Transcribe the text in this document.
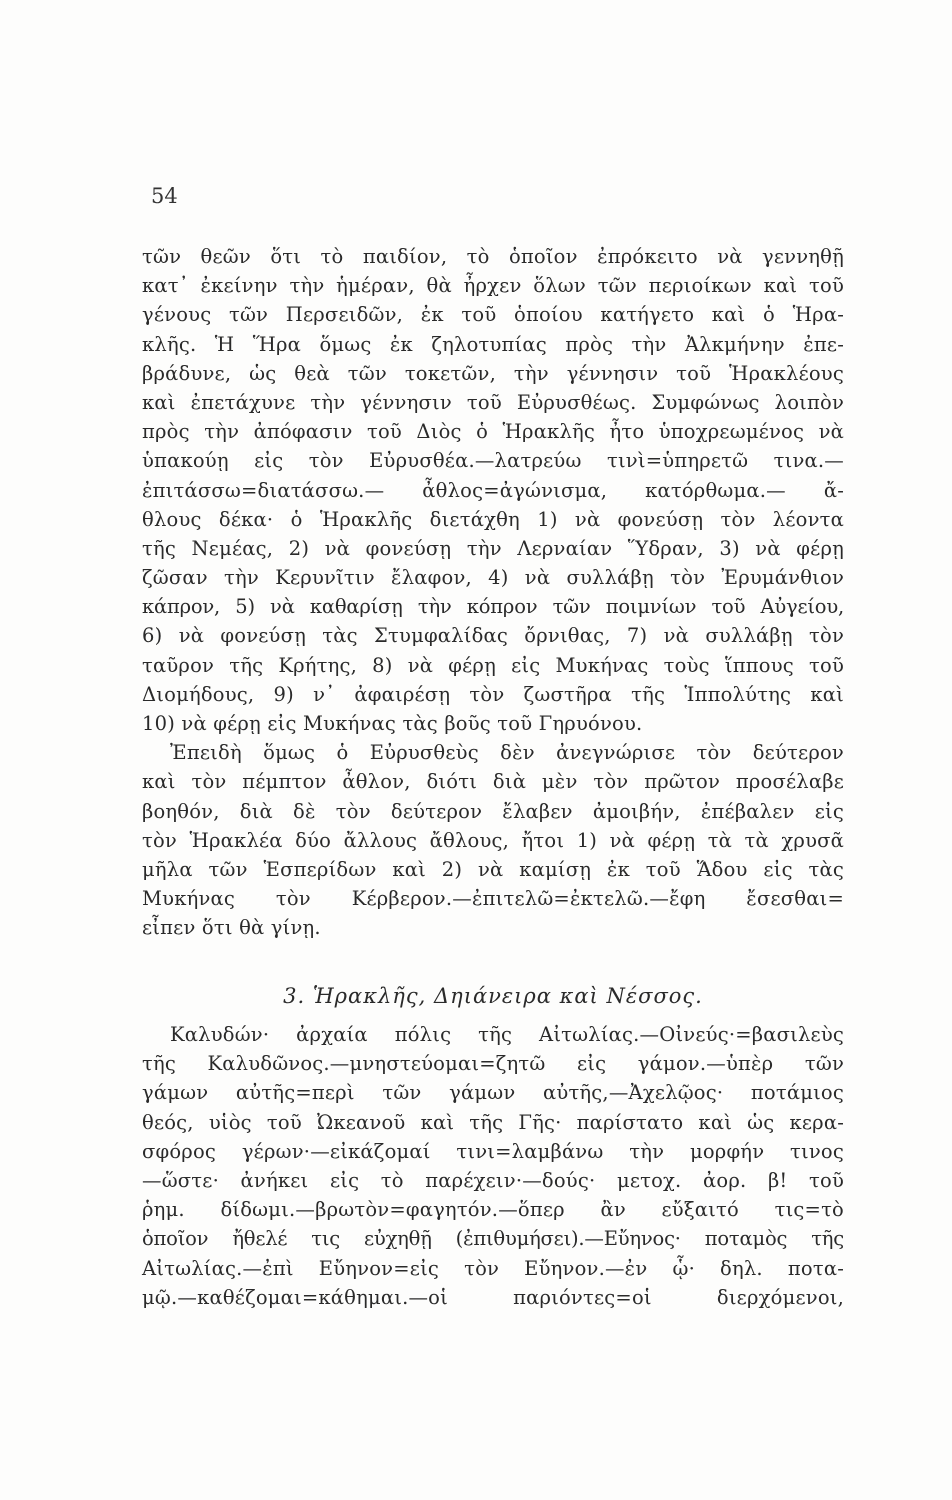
54
τῶν θεῶν ὅτι τὸ παιδίον, τὸ ὁποῖον ἐπρόκειτο νὰ γεννηθῇ
κατ᾽ ἐκείνην τὴν ἡμέραν, θὰ ἦρχεν ὅλων τῶν περιοίκων καὶ τοῦ
γένους τῶν Περσειδῶν, ἐκ τοῦ ὁποίου κατήγετο καὶ ὁ Ἡρα-
κλῆς. Ἡ Ἥρα ὅμως ἐκ ζηλοτυπίας πρὸς τὴν Ἀλκμήνην ἐπε-
βράδυνε, ὡς θεὰ τῶν τοκετῶν, τὴν γέννησιν τοῦ Ἡρακλέους
καὶ ἐπετάχυνε τὴν γέννησιν τοῦ Εὐρυσθέως. Συμφώνως λοιπὸν
πρὸς τὴν ἀπόφασιν τοῦ Διὸς ὁ Ἡρακλῆς ἦτο ὑποχρεωμένος νὰ
ὑπακούῃ εἰς τὸν Εὐρυσθέα.—λατρεύω τινὶ=ὑπηρετῶ τινα.—
ἐπιτάσσω=διατάσσω.— ἆθλος=ἀγώνισμα, κατόρθωμα.— ἄ-
θλους δέκα· ὁ Ἡρακλῆς διετάχθη 1) νὰ φονεύσῃ τὸν λέοντα
τῆς Νεμέας, 2) νὰ φονεύσῃ τὴν Λερναίαν Ὕδραν, 3) νὰ φέρῃ
ζῶσαν τὴν Κερυνῖτιν ἔλαφον, 4) νὰ συλλάβῃ τὸν Ἐρυμάνθιον
κάπρον, 5) νὰ καθαρίσῃ τὴν κόπρον τῶν ποιμνίων τοῦ Αὐγείου,
6) νὰ φονεύσῃ τὰς Στυμφαλίδας ὄρνιθας, 7) νὰ συλλάβῃ τὸν
ταῦρον τῆς Κρήτης, 8) νὰ φέρῃ εἰς Μυκήνας τοὺς ἵππους τοῦ
Διομήδους, 9) ν᾽ ἀφαιρέσῃ τὸν ζωστῆρα τῆς Ἱππολύτης καὶ
10) νὰ φέρῃ εἰς Μυκήνας τὰς βοῦς τοῦ Γηρυόνου.
Ἐπειδὴ ὅμως ὁ Εὐρυσθεὺς δὲν ἀνεγνώρισε τὸν δεύτερον
καὶ τὸν πέμπτον ἆθλον, διότι διὰ μὲν τὸν πρῶτον προσέλαβε
βοηθόν, διὰ δὲ τὸν δεύτερον ἔλαβεν ἀμοιβήν, ἐπέβαλεν εἰς
τὸν Ἡρακλέα δύο ἄλλους ἄθλους, ἤτοι 1) νὰ φέρῃ τὰ τὰ χρυσᾶ
μῆλα τῶν Ἑσπερίδων καὶ 2) νὰ καμίσῃ ἐκ τοῦ Ἅδου εἰς τὰς
Μυκήνας τὸν Κέρβερον.—ἐπιτελῶ=ἐκτελῶ.—ἔφη ἔσεσθαι=
εἶπεν ὅτι θὰ γίνῃ.
3. Ἡρακλῆς, Δηιάνειρα καὶ Νέσσος.
Καλυδών· ἀρχαία πόλις τῆς Αἰτωλίας.—Οἰνεύς·=βασιλεὺς
τῆς Καλυδῶνος.—μνηστεύομαι=ζητῶ εἰς γάμον.—ὑπὲρ τῶν
γάμων αὐτῆς=περὶ τῶν γάμων αὐτῆς,—Ἀχελῷος· ποτάμιος
θεός, υἱὸς τοῦ Ὠκεανοῦ καὶ τῆς Γῆς· παρίστατο καὶ ὡς κερα-
σφόρος γέρων·—εἰκάζομαί τινι=λαμβάνω τὴν μορφήν τινος
—ὥστε· ἀνήκει εἰς τὸ παρέχειν·—δούς· μετοχ. ἀορ. β! τοῦ
ῥημ. δίδωμι.—βρωτὸν=φαγητόν.—ὅπερ ἂν εὔξαιτό τις=τὸ
ὁποῖον ἤθελέ τις εὐχηθῇ (ἐπιθυμήσει).—Εὔηνος· ποταμὸς τῆς
Αἰτωλίας.—ἐπὶ Εὔηνον=εἰς τὸν Εὔηνον.—ἐν ᾧ· δηλ. ποτα-
μῷ.—καθέζομαι=κάθημαι.—οἱ παριόντες=οἱ διερχόμενοι,
